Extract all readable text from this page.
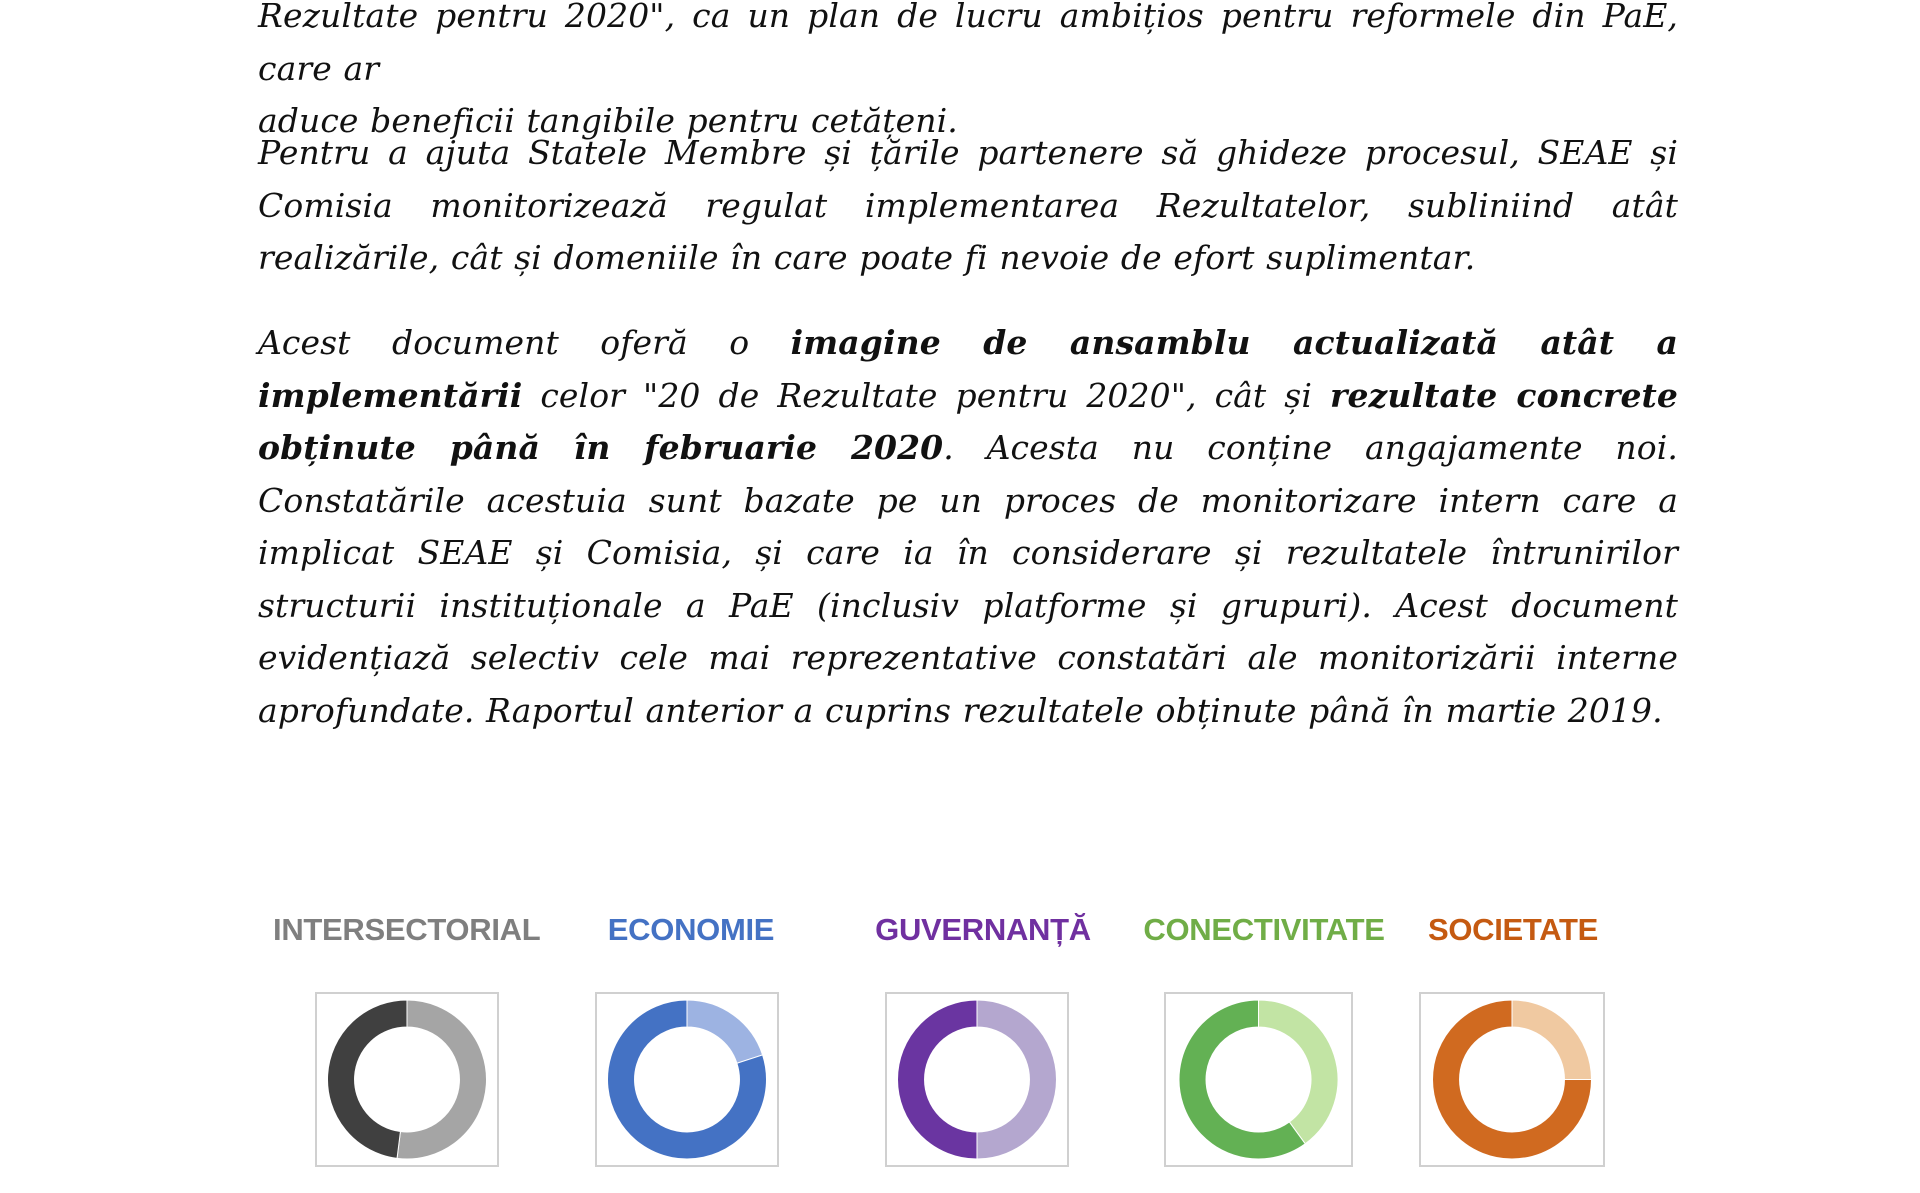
Rezultate pentru 2020", ca un plan de lucru ambițios pentru reformele din PaE, care ar
aduce beneficii tangibile pentru cetățeni.

Pentru a ajuta Statele Membre și țările partenere să ghideze procesul, SEAE și Comisia monitorizează regulat implementarea Rezultatelor, subliniind atât realizările, cât și domeniile în care poate fi nevoie de efort suplimentar.

Acest document oferă o imagine de ansamblu actualizată atât a implementării celor "20 de Rezultate pentru 2020", cât și rezultate concrete obținute până în februarie 2020. Acesta nu conține angajamente noi. Constatările acestuia sunt bazate pe un proces de monitorizare intern care a implicat SEAE și Comisia, și care ia în considerare și rezultatele întrunirilor structurii instituționale a PaE (inclusiv platforme și grupuri). Acest document evidențiază selectiv cele mai reprezentative constatări ale monitorizării interne aprofundate. Raportul anterior a cuprins rezultatele obținute până în martie 2019.

INTERSECTORIAL	ECONOMIE	GUVERNANȚĂ	CONECTIVITATE	SOCIETATE
